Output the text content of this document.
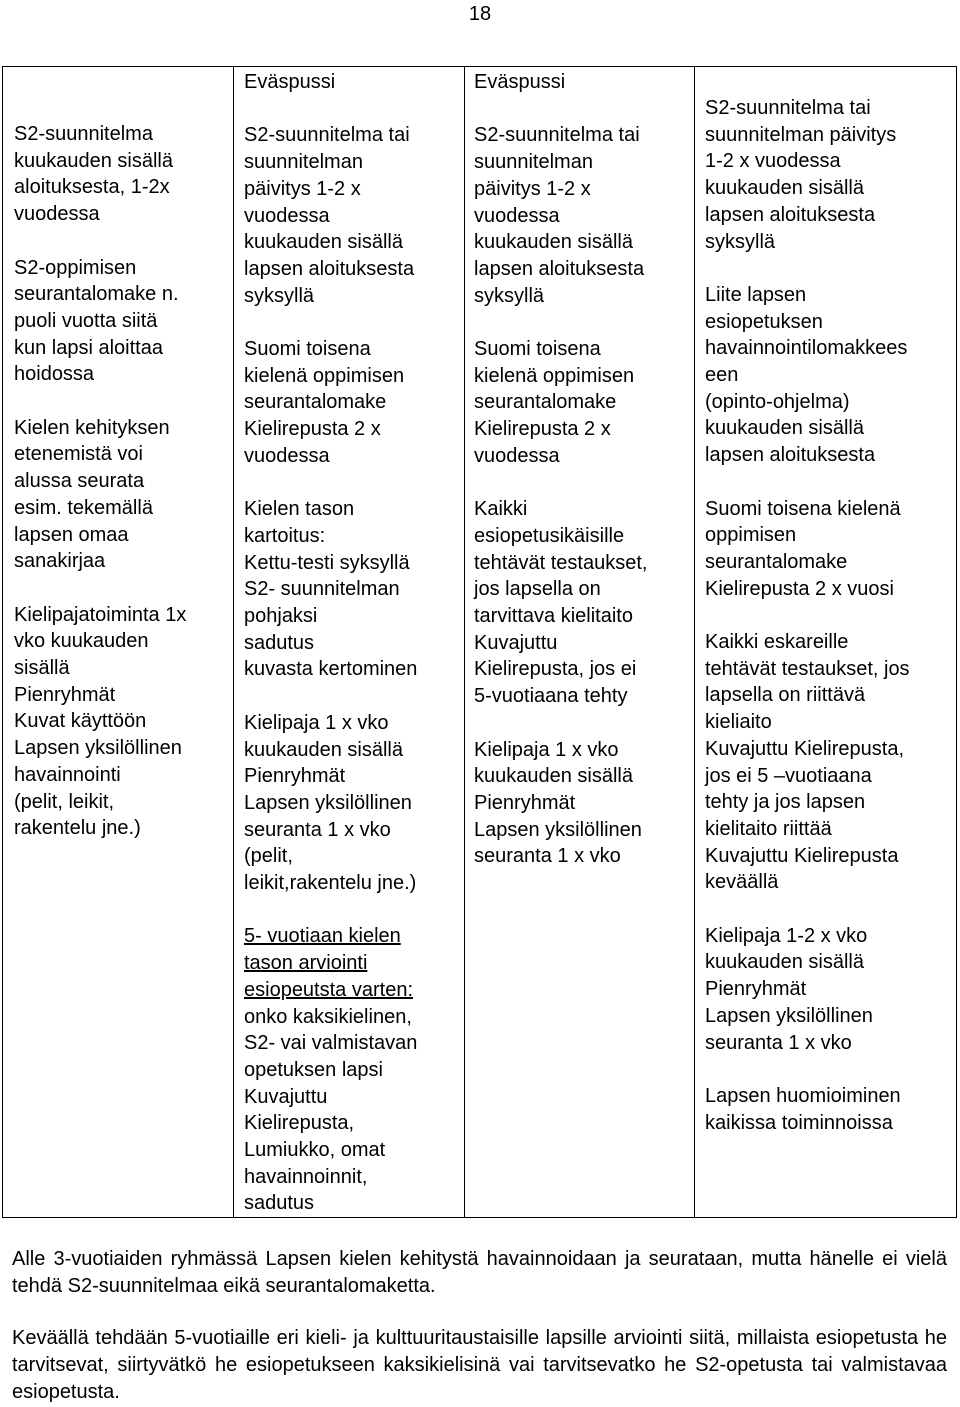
18
S2-suunnitelma
kuukauden sisällä
aloituksesta, 1-2x
vuodessa
S2-oppimisen
seurantalomake n.
puoli vuotta siitä
kun lapsi aloittaa
hoidossa
Kielen kehityksen
etenemistä voi
alussa seurata
esim. tekemällä
lapsen omaa
sanakirjaa
Kielipajatoiminta 1x
vko kuukauden
sisällä
Pienryhmät
Kuvat käyttöön
Lapsen yksilöllinen
havainnointi
(pelit, leikit,
rakentelu jne.)
Eväspussi
S2-suunnitelma tai
suunnitelman
päivitys 1-2 x
vuodessa
kuukauden sisällä
lapsen aloituksesta
syksyllä
Suomi toisena
kielenä oppimisen
seurantalomake
Kielirepusta 2 x
vuodessa
Kielen tason
kartoitus:
Kettu-testi syksyllä
S2- suunnitelman
pohjaksi
sadutus
kuvasta kertominen
Kielipaja 1 x vko
kuukauden sisällä
Pienryhmät
Lapsen yksilöllinen
seuranta 1 x vko
(pelit,
leikit,rakentelu jne.)
5- vuotiaan kielen
tason arviointi
esiopeutsta varten:
onko kaksikielinen,
S2- vai valmistavan
opetuksen lapsi
Kuvajuttu
Kielirepusta,
Lumiukko, omat
havainnoinnit,
sadutus
Eväspussi
S2-suunnitelma tai
suunnitelman
päivitys 1-2 x
vuodessa
kuukauden sisällä
lapsen aloituksesta
syksyllä
Suomi toisena
kielenä oppimisen
seurantalomake
Kielirepusta 2 x
vuodessa
Kaikki
esiopetusikäisille
tehtävät testaukset,
jos lapsella on
tarvittava kielitaito
Kuvajuttu
Kielirepusta, jos ei
5-vuotiaana tehty
Kielipaja 1 x vko
kuukauden sisällä
Pienryhmät
Lapsen yksilöllinen
seuranta 1 x vko
S2-suunnitelma tai
suunnitelman päivitys
1-2 x vuodessa
kuukauden sisällä
lapsen aloituksesta
syksyllä
Liite lapsen
esiopetuksen
havainnointilomakkees
een
(opinto-ohjelma)
kuukauden sisällä
lapsen aloituksesta
Suomi toisena kielenä
oppimisen
seurantalomake
Kielirepusta 2 x vuosi
Kaikki eskareille
tehtävät testaukset, jos
lapsella on riittävä
kieliaito
Kuvajuttu Kielirepusta,
jos ei 5 –vuotiaana
tehty ja jos lapsen
kielitaito riittää
Kuvajuttu Kielirepusta
keväällä
Kielipaja 1-2 x vko
kuukauden sisällä
Pienryhmät
Lapsen yksilöllinen
seuranta 1 x vko
Lapsen huomioiminen
kaikissa toiminnoissa

Alle 3-vuotiaiden ryhmässä Lapsen kielen kehitystä havainnoidaan ja seurataan, mutta hänelle ei vielä tehdä S2-suunnitelmaa eikä seurantalomaketta.

Keväällä tehdään 5-vuotiaille eri kieli- ja kulttuuritaustaisille lapsille arviointi siitä, millaista esiopetusta he tarvitsevat, siirtyvätkö he esiopetukseen kaksikielisinä vai tarvitsevatko he S2-opetusta tai valmistavaa esiopetusta.
